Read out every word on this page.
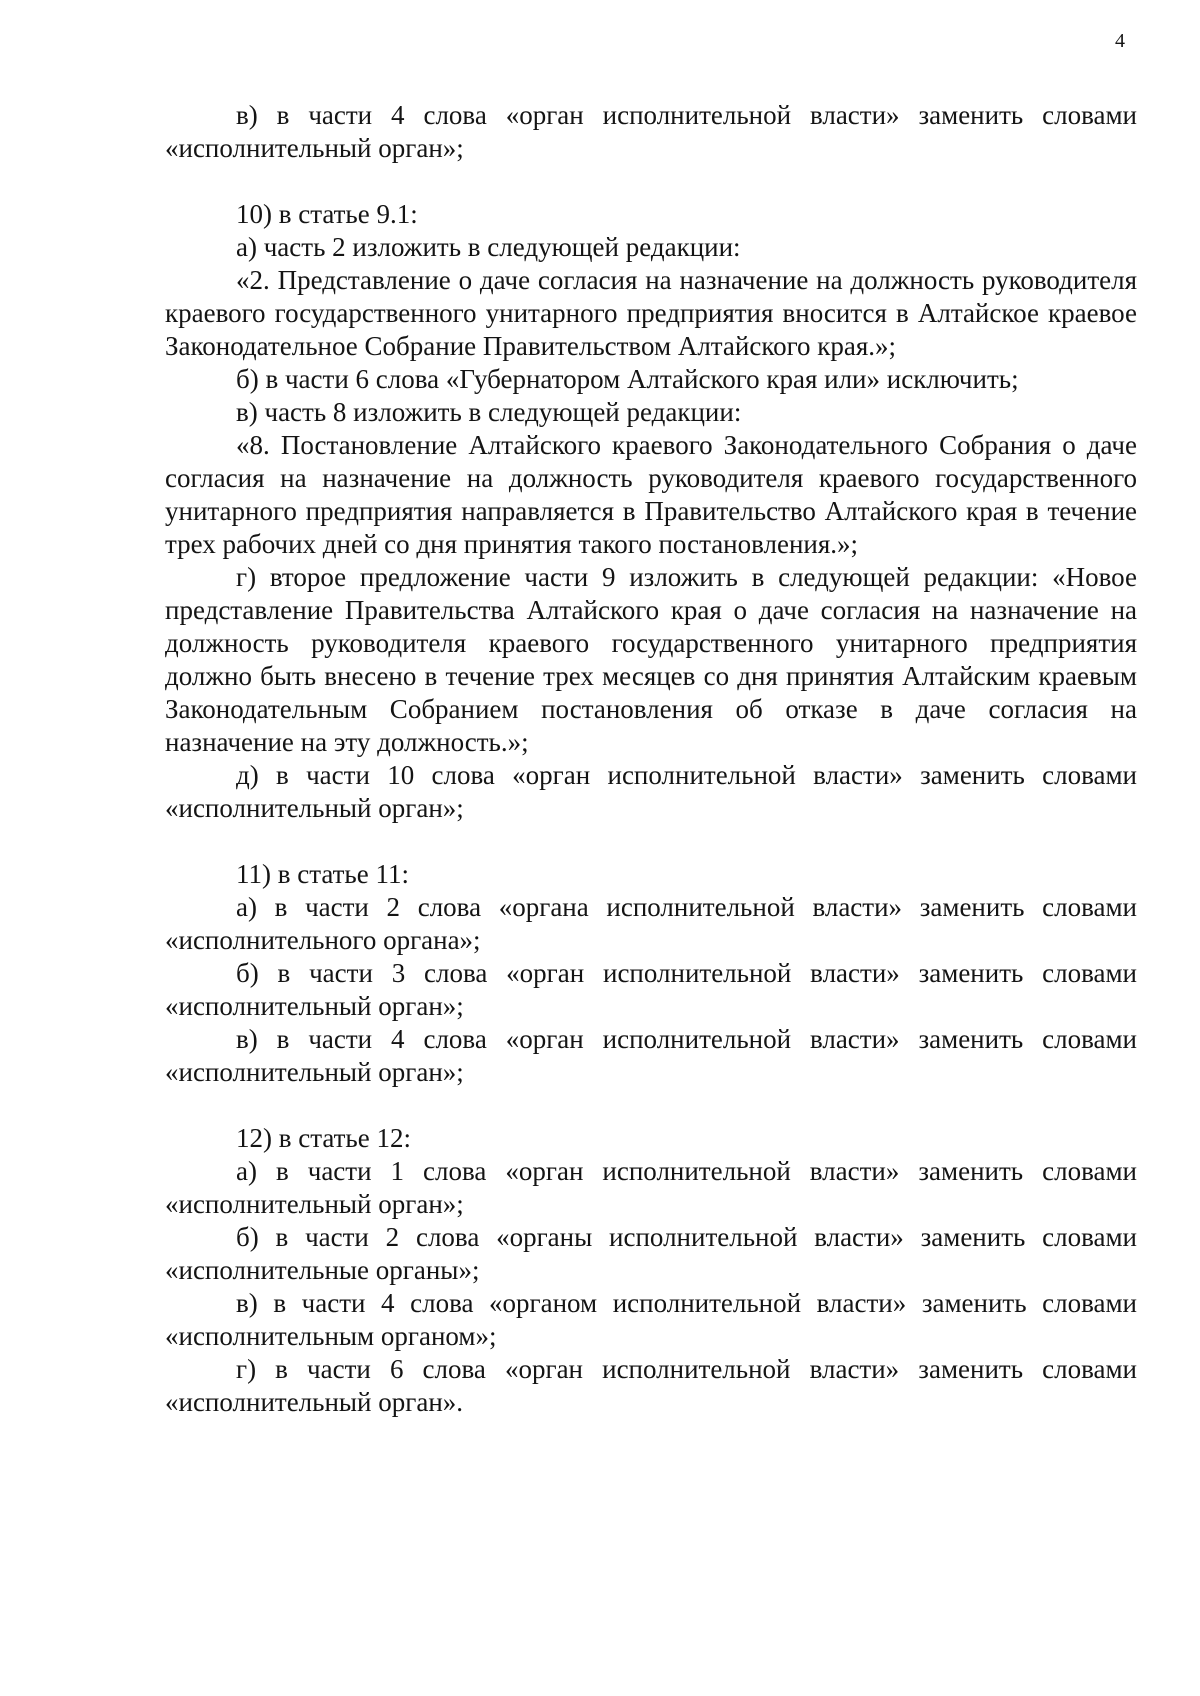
4

в) в части 4 слова «орган исполнительной власти» заменить словами «исполнительный орган»;

10) в статье 9.1:

а) часть 2 изложить в следующей редакции:

«2. Представление о даче согласия на назначение на должность руководителя краевого государственного унитарного предприятия вносится в Алтайское краевое Законодательное Собрание Правительством Алтайского края.»;

б) в части 6 слова «Губернатором Алтайского края или» исключить;

в) часть 8 изложить в следующей редакции:

«8. Постановление Алтайского краевого Законодательного Собрания о даче согласия на назначение на должность руководителя краевого государственного унитарного предприятия направляется в Правительство Алтайского края в течение трех рабочих дней со дня принятия такого постановления.»;

г) второе предложение части 9 изложить в следующей редакции: «Новое представление Правительства Алтайского края о даче согласия на назначение на должность руководителя краевого государственного унитарного предприятия должно быть внесено в течение трех месяцев со дня принятия Алтайским краевым Законодательным Собранием постановления об отказе в даче согласия на назначение на эту должность.»;

д) в части 10 слова «орган исполнительной власти» заменить словами «исполнительный орган»;

11) в статье 11:

а) в части 2 слова «органа исполнительной власти» заменить словами «исполнительного органа»;

б) в части 3 слова «орган исполнительной власти» заменить словами «исполнительный орган»;

в) в части 4 слова «орган исполнительной власти» заменить словами «исполнительный орган»;

12) в статье 12:

а) в части 1 слова «орган исполнительной власти» заменить словами «исполнительный орган»;

б) в части 2 слова «органы исполнительной власти» заменить словами «исполнительные органы»;

в) в части 4 слова «органом исполнительной власти» заменить словами «исполнительным органом»;

г) в части 6 слова «орган исполнительной власти» заменить словами «исполнительный орган».
